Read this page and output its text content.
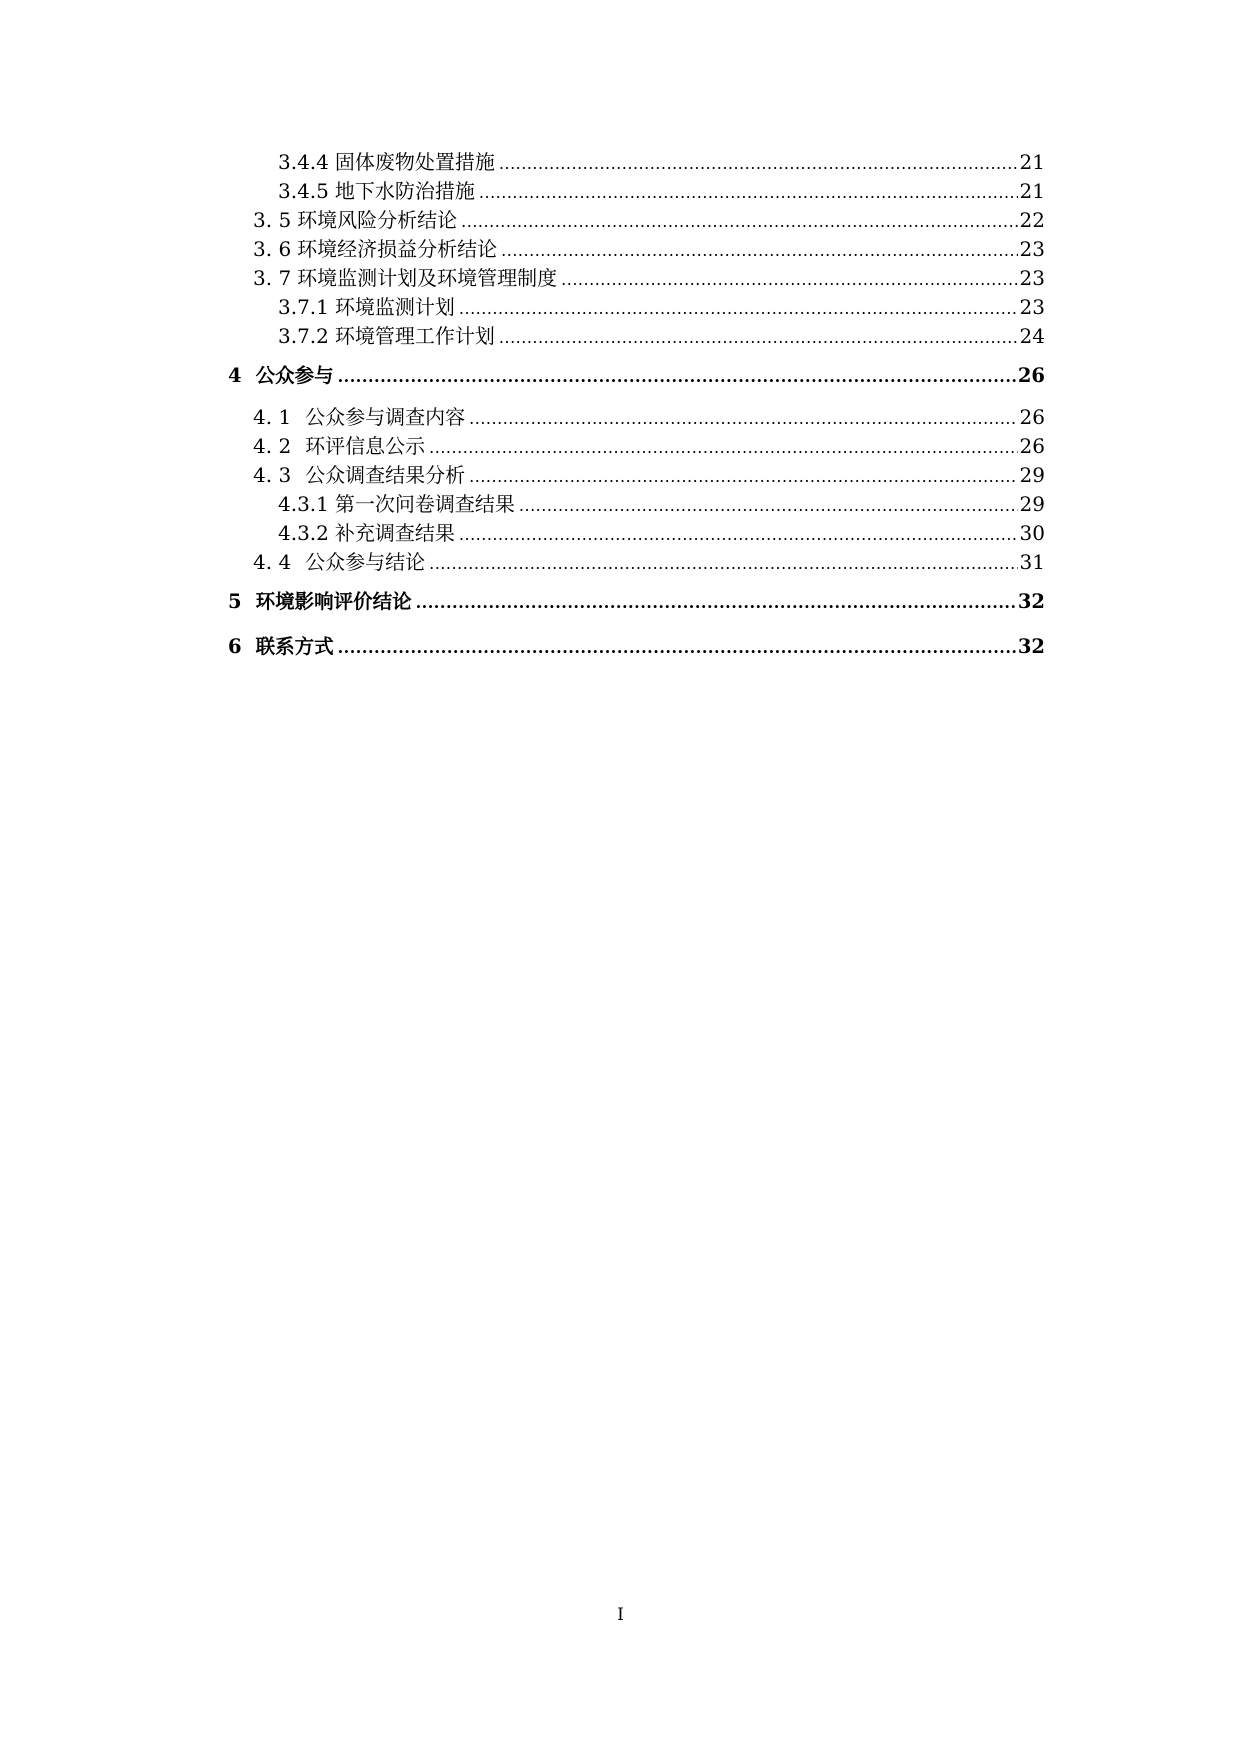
3.4.4 固体废物处置措施 .....	21
3.4.5 地下水防治措施 .....	21
3. 5 环境风险分析结论 .....	22
3. 6 环境经济损益分析结论 .....	23
3. 7 环境监测计划及环境管理制度 .....	23
3.7.1 环境监测计划 .....	23
3.7.2 环境管理工作计划 .....	24
4 公众参与 .....	26
4. 1 公众参与调查内容 .....	26
4. 2 环评信息公示 .....	26
4. 3 公众调查结果分析 .....	29
4.3.1 第一次问卷调查结果 .....	29
4.3.2 补充调查结果 .....	30
4. 4 公众参与结论 .....	31
5 环境影响评价结论 .....	32
6 联系方式 .....	32
I
